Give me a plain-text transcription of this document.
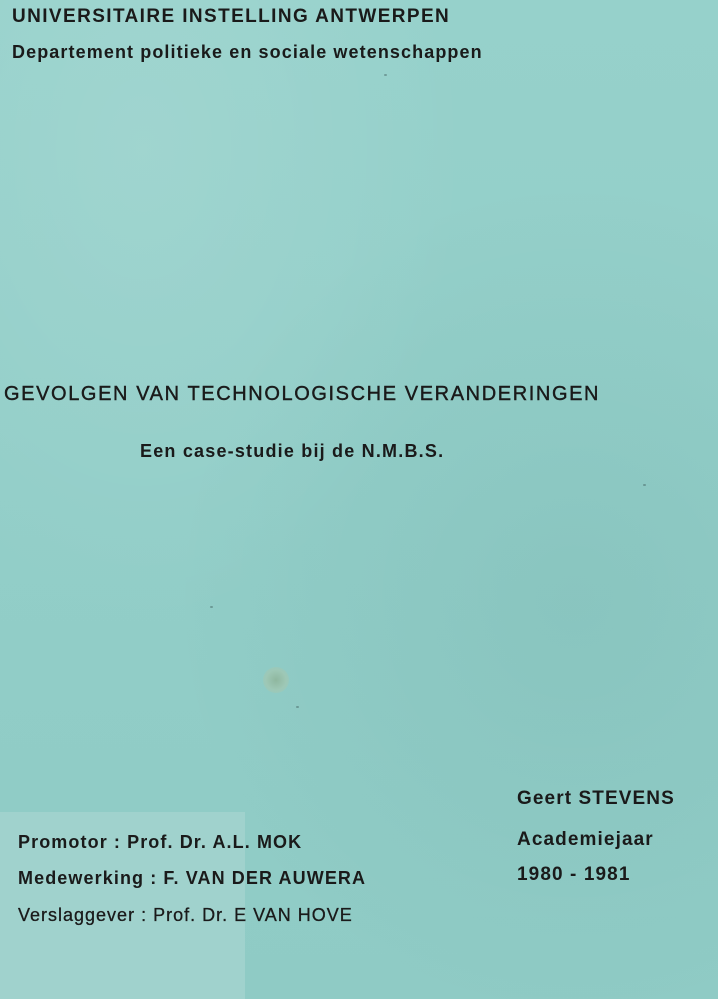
UNIVERSITAIRE INSTELLING ANTWERPEN
Departement politieke en sociale wetenschappen
GEVOLGEN VAN TECHNOLOGISCHE VERANDERINGEN
Een case-studie bij de N.M.B.S.
Geert STEVENS
Academiejaar
1980 - 1981
Promotor : Prof. Dr. A.L. MOK
Medewerking : F. VAN DER AUWERA
Verslaggever : Prof. Dr. E VAN HOVE
